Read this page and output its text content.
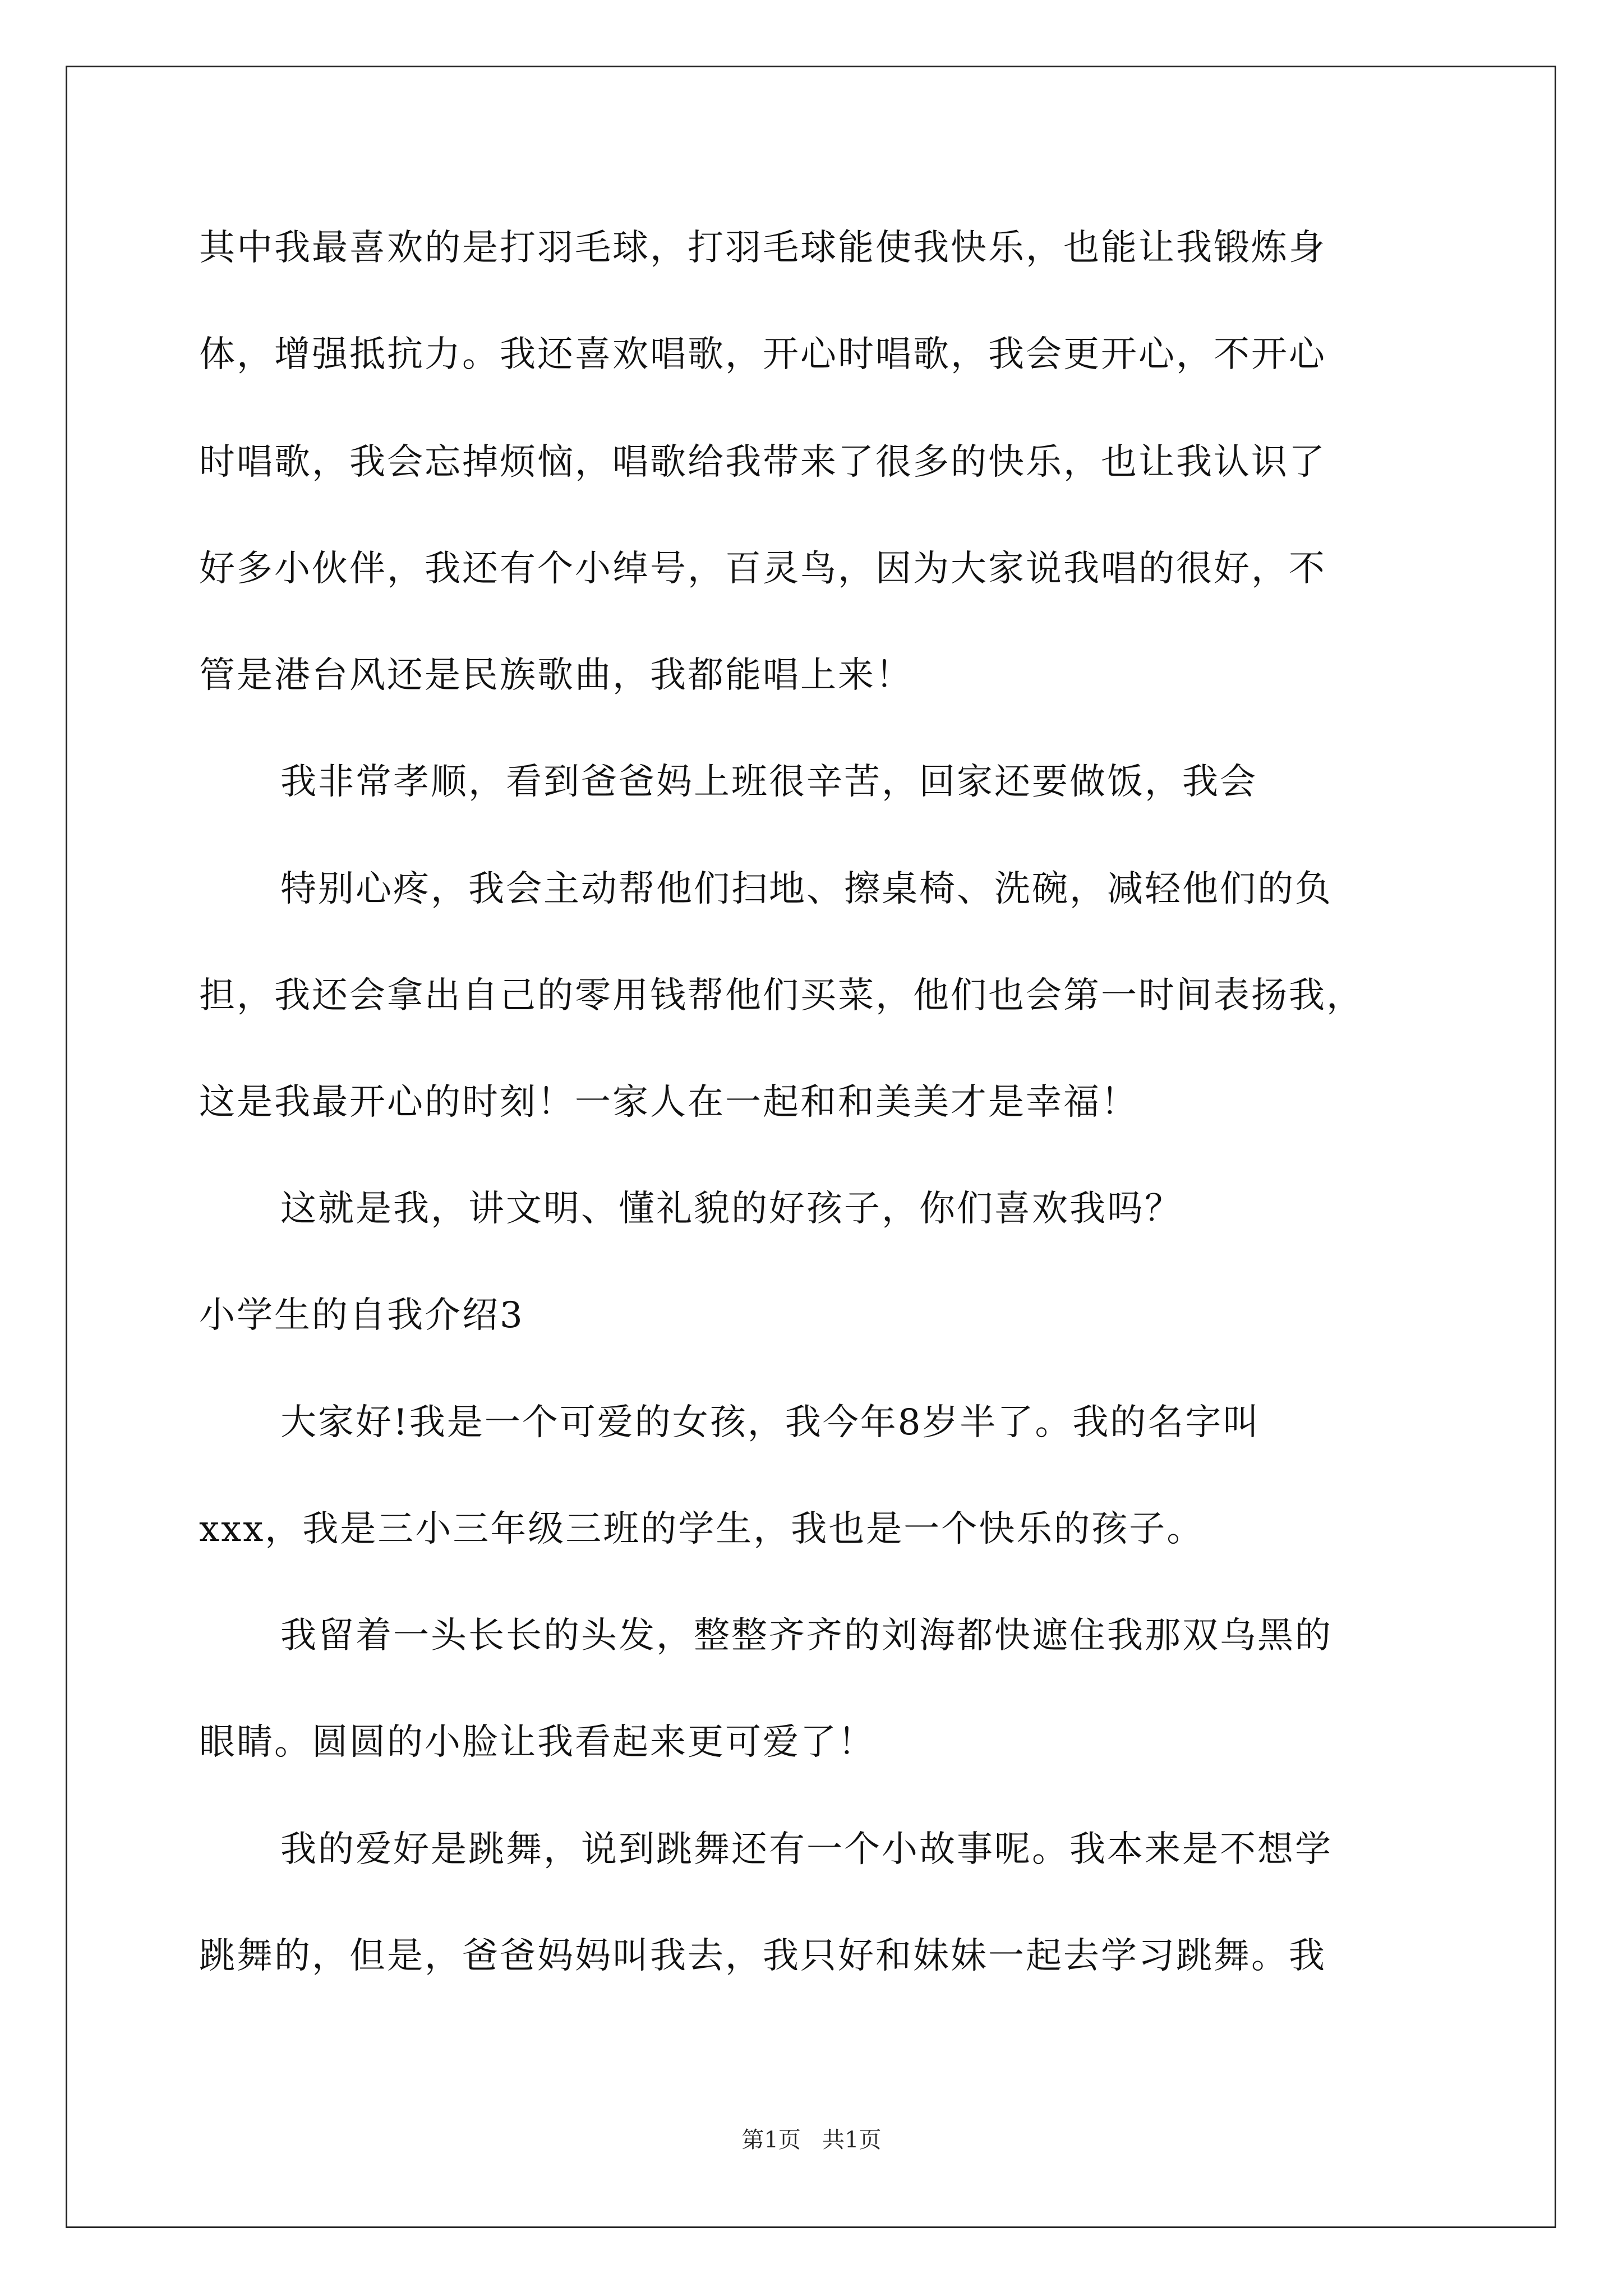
其中我最喜欢的是打羽毛球，打羽毛球能使我快乐，也能让我锻炼身
体，增强抵抗力。我还喜欢唱歌，开心时唱歌，我会更开心，不开心
时唱歌，我会忘掉烦恼，唱歌给我带来了很多的快乐，也让我认识了
好多小伙伴，我还有个小绰号，百灵鸟，因为大家说我唱的很好，不
管是港台风还是民族歌曲，我都能唱上来！
我非常孝顺，看到爸爸妈上班很辛苦，回家还要做饭，我会
特别心疼，我会主动帮他们扫地、擦桌椅、洗碗，减轻他们的负
担，我还会拿出自己的零用钱帮他们买菜，他们也会第一时间表扬我，
这是我最开心的时刻！一家人在一起和和美美才是幸福！
这就是我，讲文明、懂礼貌的好孩子，你们喜欢我吗？
小学生的自我介绍3
大家好!我是一个可爱的女孩，我今年8岁半了。我的名字叫
xxx，我是三小三年级三班的学生，我也是一个快乐的孩子。
我留着一头长长的头发，整整齐齐的刘海都快遮住我那双乌黑的
眼睛。圆圆的小脸让我看起来更可爱了！
我的爱好是跳舞，说到跳舞还有一个小故事呢。我本来是不想学
跳舞的，但是，爸爸妈妈叫我去，我只好和妹妹一起去学习跳舞。我
第1页   共1页
